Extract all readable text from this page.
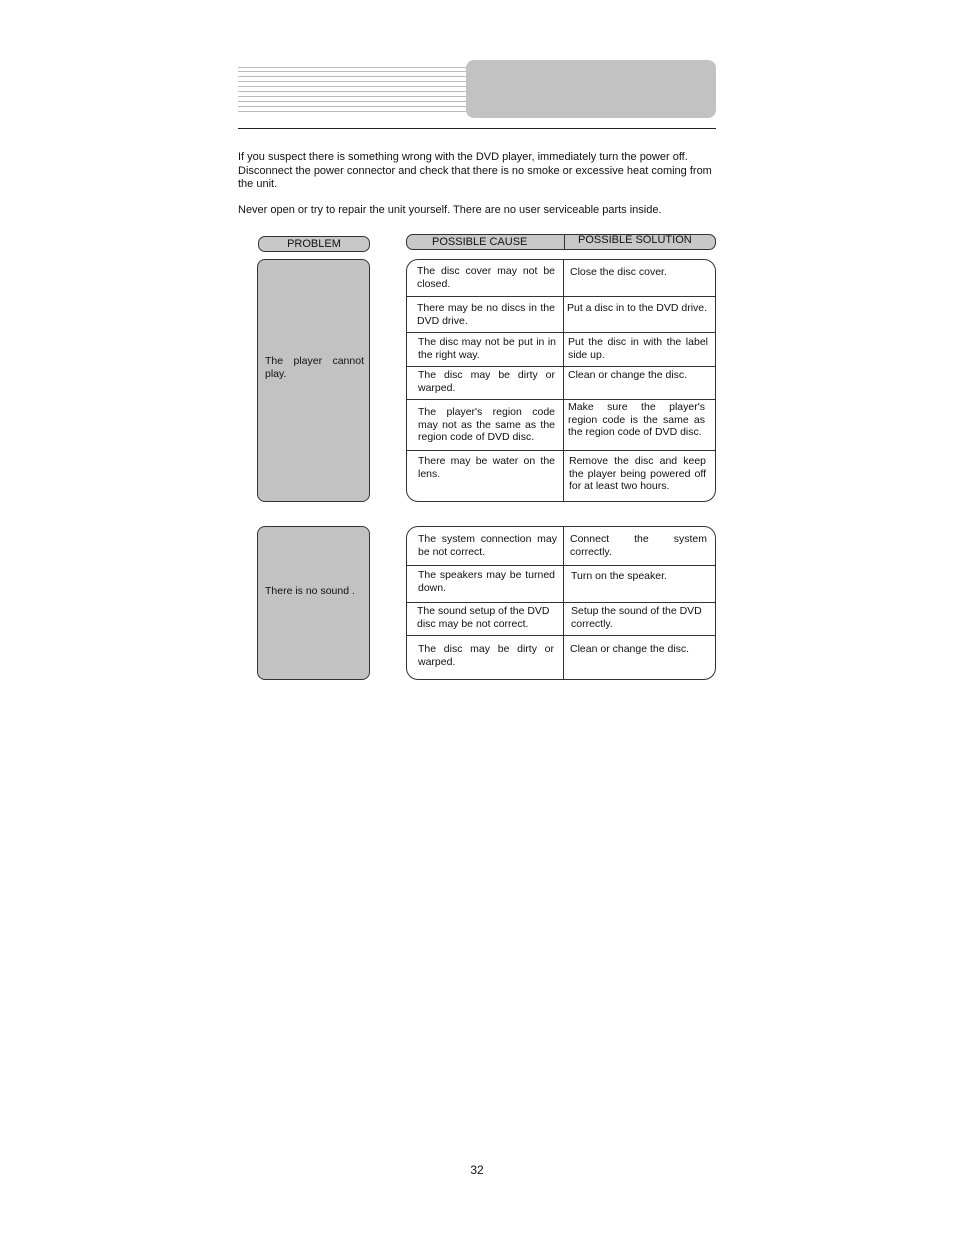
If you suspect there is something wrong with the DVD player, immediately turn the power off. Disconnect the power connector and check that there is no smoke or excessive heat coming from the unit.
Never open or try to repair the unit yourself. There are no user serviceable parts inside.
PROBLEM	POSSIBLE CAUSE	POSSIBLE SOLUTION
The player cannot play.
The disc cover may not be closed.
Close the disc cover.
There may be no discs in the DVD drive.
Put a disc in to the DVD drive.
The disc may not be put in in the right way.
Put the disc in with the label side up.
The disc may be dirty or warped.
Clean or change the disc.
The player's region code may not as the same as the region code of DVD disc.
Make sure the player's region code is the same as the region code of DVD disc.
There may be water on the lens.
Remove the disc and keep the player being powered off for at least two hours.
There is no sound .
The system connection may be not correct.
Connect the system correctly.
The speakers may be turned down.
Turn on the speaker.
The sound setup of the DVD disc may be not correct.
Setup the sound of the DVD correctly.
The disc may be dirty or warped.
Clean or change the disc.
32
